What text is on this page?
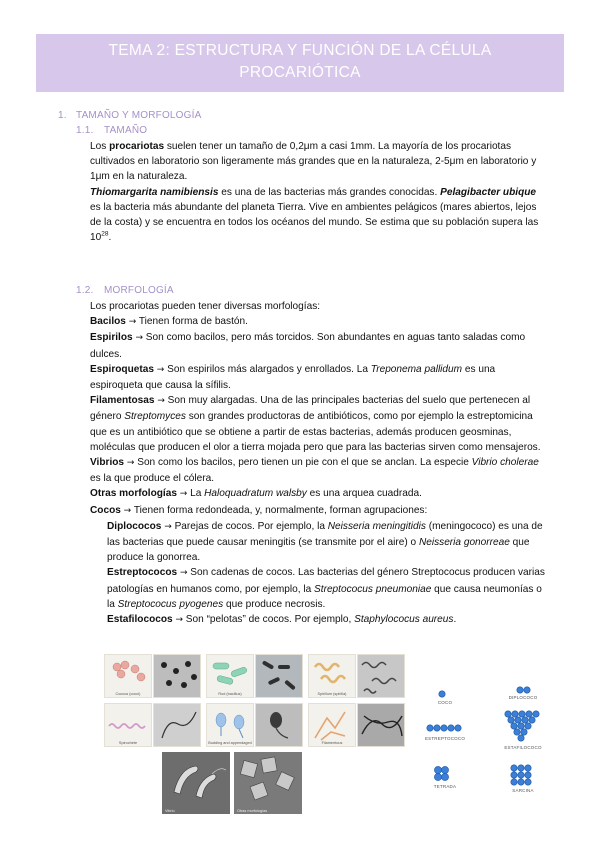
TEMA 2: ESTRUCTURA Y FUNCIÓN DE LA CÉLULA
PROCARIÓTICA
1. TAMAÑO Y MORFOLOGÍA
1.1. TAMAÑO

Los procariotas suelen tener un tamaño de 0,2μm a casi 1mm. La mayoría de los procariotas cultivados en laboratorio son ligeramente más grandes que en la naturaleza, 2-5μm en laboratorio y 1μm en la naturaleza.

Thiomargarita namibiensis es una de las bacterias más grandes conocidas. Pelagibacter ubique es la bacteria más abundante del planeta Tierra. Vive en ambientes pelágicos (mares abiertos, lejos de la costa) y se encuentra en todos los océanos del mundo. Se estima que su población supera las $10^{28}$.

1.2. MORFOLOGÍA

Los procariotas pueden tener diversas morfologías:

Bacilos → Tienen forma de bastón.

Espirilos → Son como bacilos, pero más torcidos. Son abundantes en aguas tanto saladas como dulces.

Espiroquetas → Son espirilos más alargados y enrollados. La Treponema pallidum es una espiroqueta que causa la sífilis.

Filamentosas → Son muy alargadas. Una de las principales bacterias del suelo que pertenecen al género Streptomyces son grandes productoras de antibióticos, como por ejemplo la estreptomicina que es un antibiótico que se obtiene a partir de estas bacterias, además producen geosminas, moléculas que producen el olor a tierra mojada pero que para las bacterias sirven como mensajeros.

Vibrios → Son como los bacilos, pero tienen un pie con el que se anclan. La especie Vibrio cholerae es la que produce el cólera.

Otras morfologías → La Haloquadratum walsby es una arquea cuadrada.

Cocos → Tienen forma redondeada, y, normalmente, forman agrupaciones:

Diplococos → Parejas de cocos. Por ejemplo, la Neisseria meningitidis (meningococo) es una de las bacterias que puede causar meningitis (se transmite por el aire) o Neisseria gonorreae que produce la gonorrea.

Estreptococos → Son cadenas de cocos. Las bacterias del género Streptococus producen varias patologías en humanos como, por ejemplo, la Streptococus pneumoniae que causa neumonías o la Streptococus pyogenes que produce necrosis.

Estafilococos → Son “pelotas” de cocos. Por ejemplo, Staphylococus aureus.

Coccus (cocci)	Rod (bacillus)	Spirillum (spirilla)
Spirochete	Budding and appendaged	Filamentous
Vibrio	Otras morfologías
COCO
DIPLOCOCO
ESTREPTOCOCO
ESTAFILOCOCO
TETRADA
SARCINA
